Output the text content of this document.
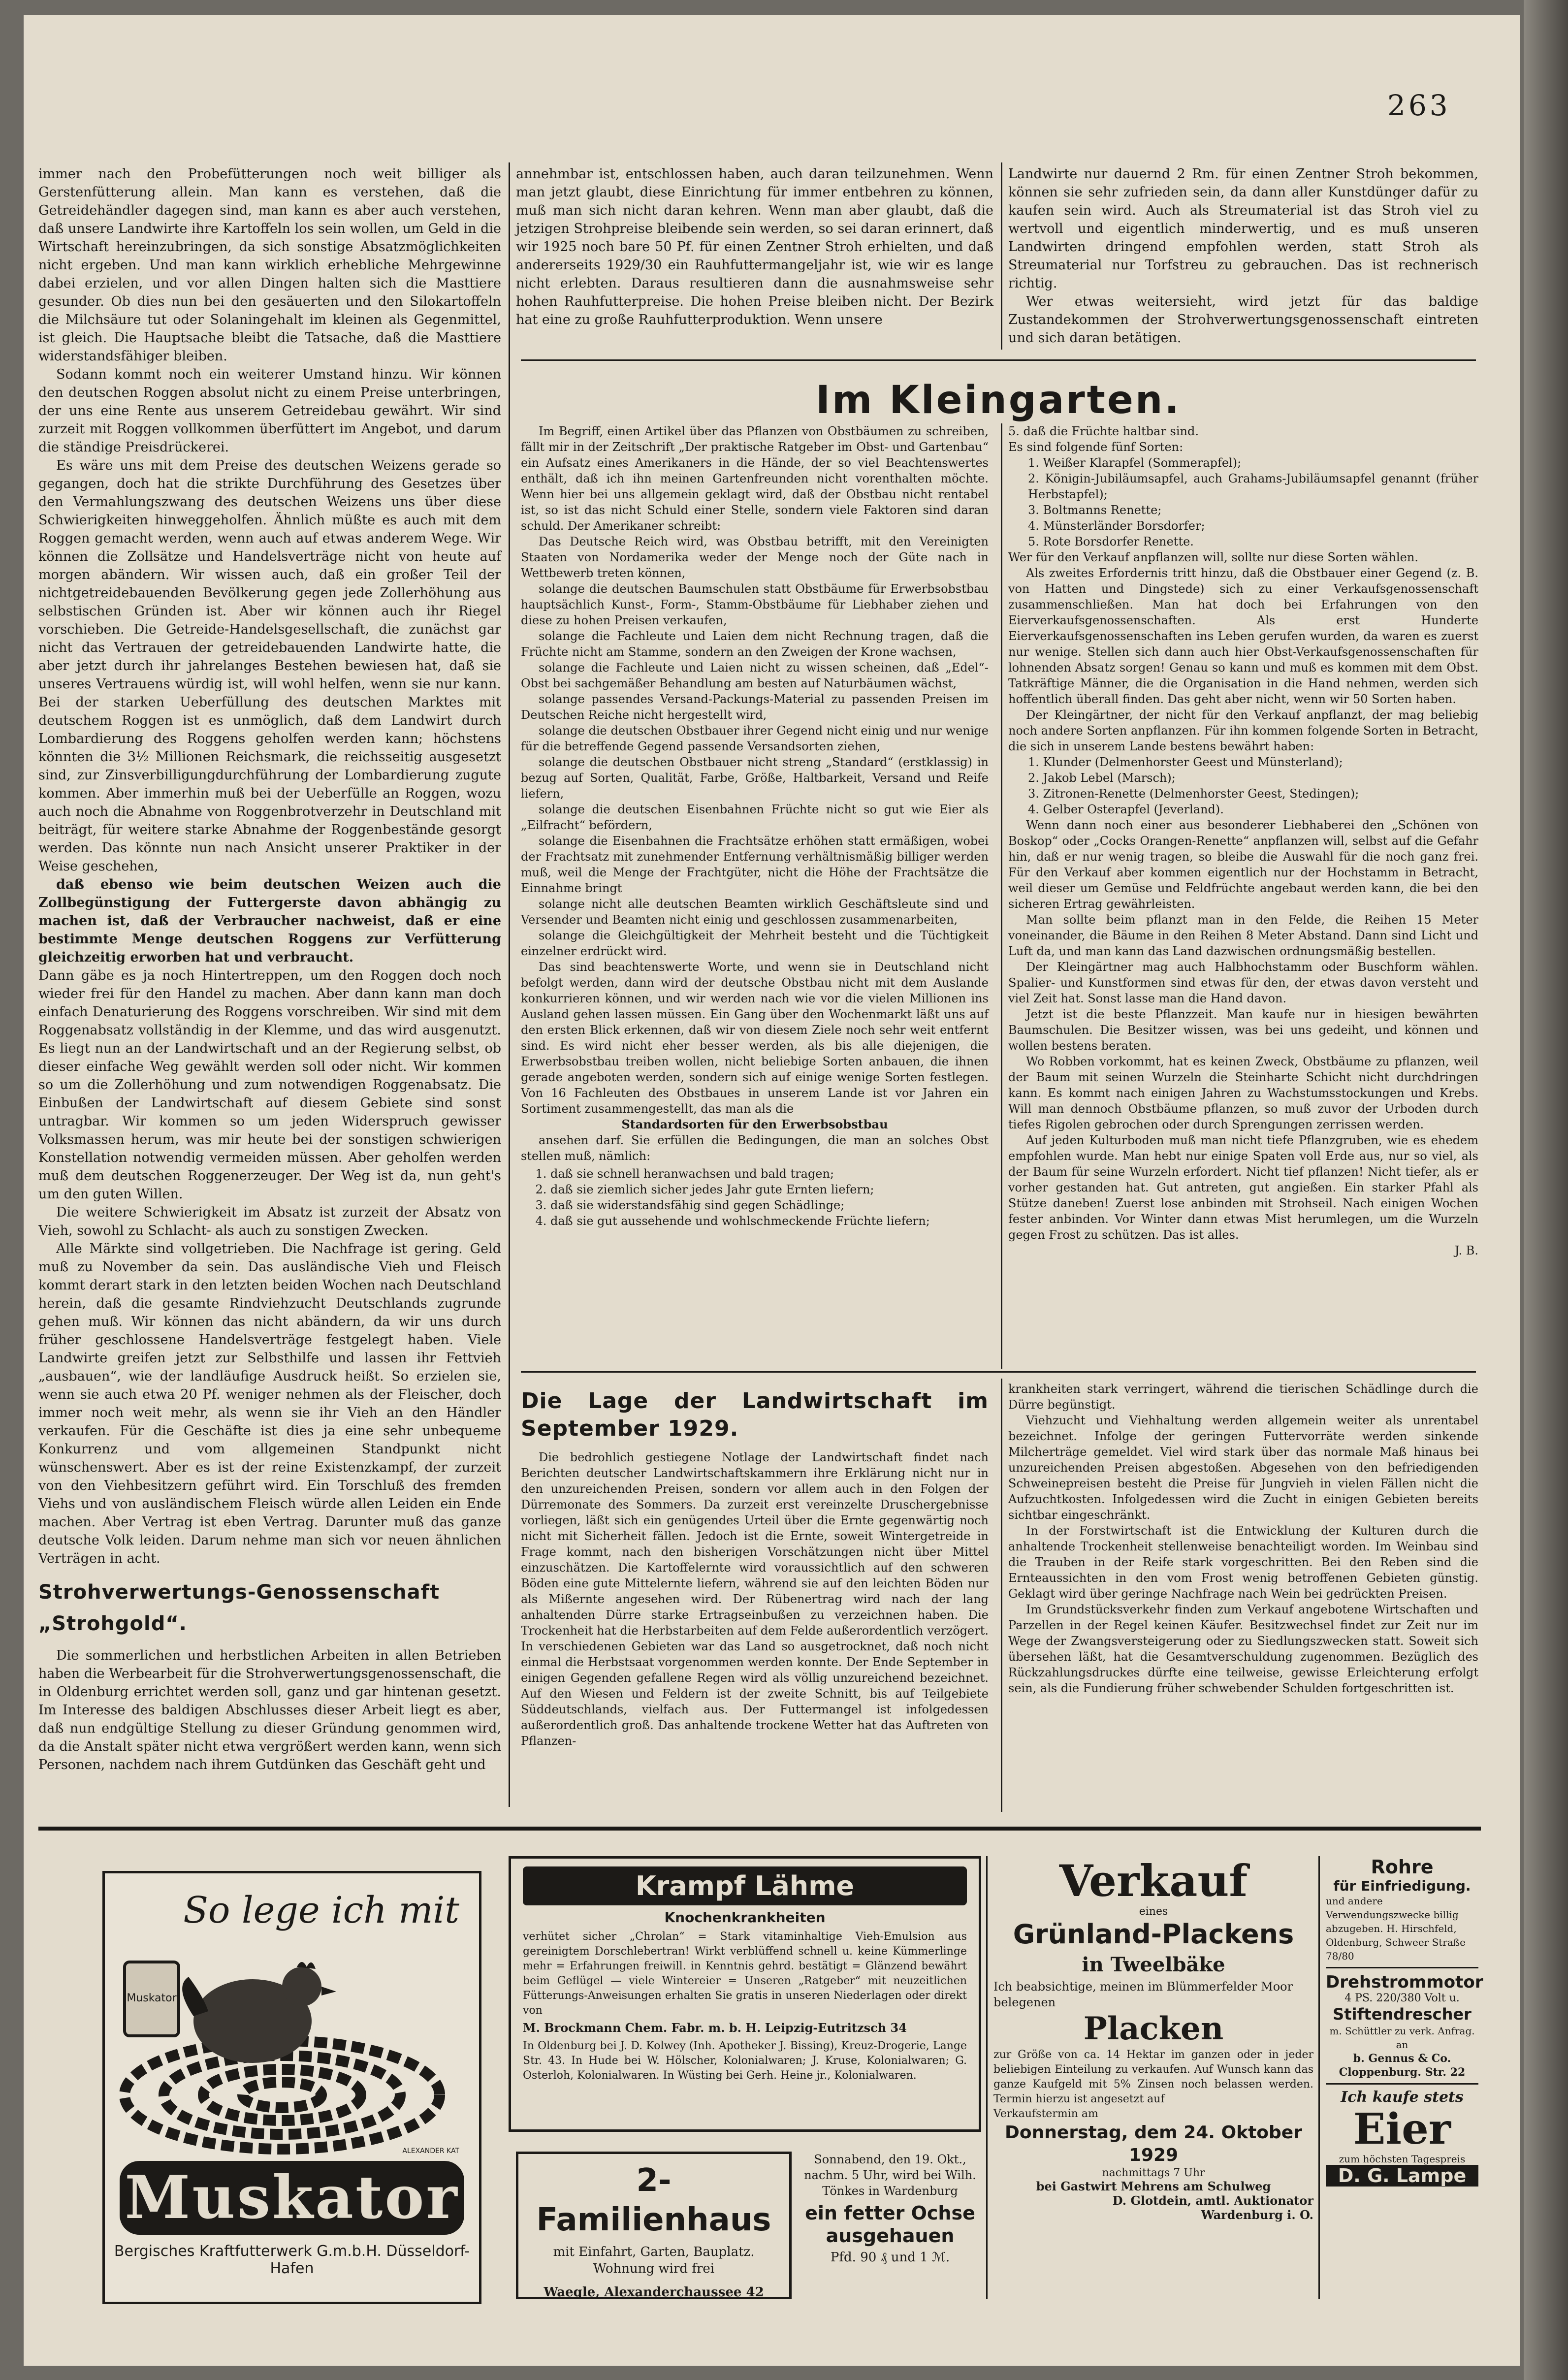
263

immer nach den Probefütterungen noch weit billiger als Gerstenfütterung allein. Man kann es verstehen, daß die Getreidehändler dagegen sind, man kann es aber auch verstehen, daß unsere Landwirte ihre Kartoffeln los sein wollen, um Geld in die Wirtschaft hereinzubringen, da sich sonstige Absatzmöglichkeiten nicht ergeben. Und man kann wirklich erhebliche Mehrgewinne dabei erzielen, und vor allen Dingen halten sich die Masttiere gesunder. Ob dies nun bei den gesäuerten und den Silokartoffeln die Milchsäure tut oder Solaningehalt im kleinen als Gegenmittel, ist gleich. Die Hauptsache bleibt die Tatsache, daß die Masttiere widerstandsfähiger bleiben.

Sodann kommt noch ein weiterer Umstand hinzu. Wir können den deutschen Roggen absolut nicht zu einem Preise unterbringen, der uns eine Rente aus unserem Getreidebau gewährt. Wir sind zurzeit mit Roggen vollkommen überfüttert im Angebot, und darum die ständige Preisdrückerei.

Es wäre uns mit dem Preise des deutschen Weizens gerade so gegangen, doch hat die strikte Durchführung des Gesetzes über den Vermahlungszwang des deutschen Weizens uns über diese Schwierigkeiten hinweggeholfen. Ähnlich müßte es auch mit dem Roggen gemacht werden, wenn auch auf etwas anderem Wege. Wir können die Zollsätze und Handelsverträge nicht von heute auf morgen abändern. Wir wissen auch, daß ein großer Teil der nichtgetreidebauenden Bevölkerung gegen jede Zollerhöhung aus selbstischen Gründen ist. Aber wir können auch ihr Riegel vorschieben. Die Getreide-Handelsgesellschaft, die zunächst gar nicht das Vertrauen der getreidebauenden Landwirte hatte, die aber jetzt durch ihr jahrelanges Bestehen bewiesen hat, daß sie unseres Vertrauens würdig ist, will wohl helfen, wenn sie nur kann. Bei der starken Ueberfüllung des deutschen Marktes mit deutschem Roggen ist es unmöglich, daß dem Landwirt durch Lombardierung des Roggens geholfen werden kann; höchstens könnten die 3½ Millionen Reichsmark, die reichsseitig ausgesetzt sind, zur Zinsverbilligungdurchführung der Lombardierung zugute kommen. Aber immerhin muß bei der Ueberfülle an Roggen, wozu auch noch die Abnahme von Roggenbrotverzehr in Deutschland mit beiträgt, für weitere starke Abnahme der Roggenbestände gesorgt werden. Das könnte nun nach Ansicht unserer Praktiker in der Weise geschehen,

daß ebenso wie beim deutschen Weizen auch die Zollbegünstigung der Futtergerste davon abhängig zu machen ist, daß der Verbraucher nachweist, daß er eine bestimmte Menge deutschen Roggens zur Verfütterung gleichzeitig erworben hat und verbraucht.

Dann gäbe es ja noch Hintertreppen, um den Roggen doch noch wieder frei für den Handel zu machen. Aber dann kann man doch einfach Denaturierung des Roggens vorschreiben. Wir sind mit dem Roggenabsatz vollständig in der Klemme, und das wird ausgenutzt. Es liegt nun an der Landwirtschaft und an der Regierung selbst, ob dieser einfache Weg gewählt werden soll oder nicht. Wir kommen so um die Zollerhöhung und zum notwendigen Roggenabsatz. Die Einbußen der Landwirtschaft auf diesem Gebiete sind sonst untragbar. Wir kommen so um jeden Widerspruch gewisser Volksmassen herum, was mir heute bei der sonstigen schwierigen Konstellation notwendig vermeiden müssen. Aber geholfen werden muß dem deutschen Roggenerzeuger. Der Weg ist da, nun geht's um den guten Willen.

Die weitere Schwierigkeit im Absatz ist zurzeit der Absatz von Vieh, sowohl zu Schlacht- als auch zu sonstigen Zwecken.

Alle Märkte sind vollgetrieben. Die Nachfrage ist gering. Geld muß zu November da sein. Das ausländische Vieh und Fleisch kommt derart stark in den letzten beiden Wochen nach Deutschland herein, daß die gesamte Rindviehzucht Deutschlands zugrunde gehen muß. Wir können das nicht abändern, da wir uns durch früher geschlossene Handelsverträge festgelegt haben. Viele Landwirte greifen jetzt zur Selbsthilfe und lassen ihr Fettvieh „ausbauen“, wie der landläufige Ausdruck heißt. So erzielen sie, wenn sie auch etwa 20 Pf. weniger nehmen als der Fleischer, doch immer noch weit mehr, als wenn sie ihr Vieh an den Händler verkaufen. Für die Geschäfte ist dies ja eine sehr unbequeme Konkurrenz und vom allgemeinen Standpunkt nicht wünschenswert. Aber es ist der reine Existenzkampf, der zurzeit von den Viehbesitzern geführt wird. Ein Torschluß des fremden Viehs und von ausländischem Fleisch würde allen Leiden ein Ende machen. Aber Vertrag ist eben Vertrag. Darunter muß das ganze deutsche Volk leiden. Darum nehme man sich vor neuen ähnlichen Verträgen in acht.

Strohverwertungs-Genossenschaft „Strohgold“.

Die sommerlichen und herbstlichen Arbeiten in allen Betrieben haben die Werbearbeit für die Strohverwertungsgenossenschaft, die in Oldenburg errichtet werden soll, ganz und gar hintenan gesetzt. Im Interesse des baldigen Abschlusses dieser Arbeit liegt es aber, daß nun endgültige Stellung zu dieser Gründung genommen wird, da die Anstalt später nicht etwa vergrößert werden kann, wenn sich Personen, nachdem nach ihrem Gutdünken das Geschäft geht und

annehmbar ist, entschlossen haben, auch daran teilzunehmen. Wenn man jetzt glaubt, diese Einrichtung für immer entbehren zu können, muß man sich nicht daran kehren. Wenn man aber glaubt, daß die jetzigen Strohpreise bleibende sein werden, so sei daran erinnert, daß wir 1925 noch bare 50 Pf. für einen Zentner Stroh erhielten, und daß andererseits 1929/30 ein Rauhfuttermangeljahr ist, wie wir es lange nicht erlebten. Daraus resultieren dann die ausnahmsweise sehr hohen Rauhfutterpreise. Die hohen Preise bleiben nicht. Der Bezirk hat eine zu große Rauhfutterproduktion. Wenn unsere

Landwirte nur dauernd 2 Rm. für einen Zentner Stroh bekommen, können sie sehr zufrieden sein, da dann aller Kunstdünger dafür zu kaufen sein wird. Auch als Streumaterial ist das Stroh viel zu wertvoll und eigentlich minderwertig, und es muß unseren Landwirten dringend empfohlen werden, statt Stroh als Streumaterial nur Torfstreu zu gebrauchen. Das ist rechnerisch richtig.

Wer etwas weitersieht, wird jetzt für das baldige Zustandekommen der Strohverwertungsgenossenschaft eintreten und sich daran betätigen.

Im Kleingarten.

Im Begriff, einen Artikel über das Pflanzen von Obstbäumen zu schreiben, fällt mir in der Zeitschrift „Der praktische Ratgeber im Obst- und Gartenbau“ ein Aufsatz eines Amerikaners in die Hände, der so viel Beachtenswertes enthält, daß ich ihn meinen Gartenfreunden nicht vorenthalten möchte. Wenn hier bei uns allgemein geklagt wird, daß der Obstbau nicht rentabel ist, so ist das nicht Schuld einer Stelle, sondern viele Faktoren sind daran schuld. Der Amerikaner schreibt:

Das Deutsche Reich wird, was Obstbau betrifft, mit den Vereinigten Staaten von Nordamerika weder der Menge noch der Güte nach in Wettbewerb treten können,

solange die deutschen Baumschulen statt Obstbäume für Erwerbsobstbau hauptsächlich Kunst-, Form-, Stamm-Obstbäume für Liebhaber ziehen und diese zu hohen Preisen verkaufen,

solange die Fachleute und Laien dem nicht Rechnung tragen, daß die Früchte nicht am Stamme, sondern an den Zweigen der Krone wachsen,

solange die Fachleute und Laien nicht zu wissen scheinen, daß „Edel“-Obst bei sachgemäßer Behandlung am besten auf Naturbäumen wächst,

solange passendes Versand-Packungs-Material zu passenden Preisen im Deutschen Reiche nicht hergestellt wird,

solange die deutschen Obstbauer ihrer Gegend nicht einig und nur wenige für die betreffende Gegend passende Versandsorten ziehen,

solange die deutschen Obstbauer nicht streng „Standard“ (erstklassig) in bezug auf Sorten, Qualität, Farbe, Größe, Haltbarkeit, Versand und Reife liefern,

solange die deutschen Eisenbahnen Früchte nicht so gut wie Eier als „Eilfracht“ befördern,

solange die Eisenbahnen die Frachtsätze erhöhen statt ermäßigen, wobei der Frachtsatz mit zunehmender Entfernung verhältnismäßig billiger werden muß, weil die Menge der Frachtgüter, nicht die Höhe der Frachtsätze die Einnahme bringt

solange nicht alle deutschen Beamten wirklich Geschäftsleute sind und Versender und Beamten nicht einig und geschlossen zusammenarbeiten,

solange die Gleichgültigkeit der Mehrheit besteht und die Tüchtigkeit einzelner erdrückt wird.

Das sind beachtenswerte Worte, und wenn sie in Deutschland nicht befolgt werden, dann wird der deutsche Obstbau nicht mit dem Auslande konkurrieren können, und wir werden nach wie vor die vielen Millionen ins Ausland gehen lassen müssen. Ein Gang über den Wochenmarkt läßt uns auf den ersten Blick erkennen, daß wir von diesem Ziele noch sehr weit entfernt sind. Es wird nicht eher besser werden, als bis alle diejenigen, die Erwerbsobstbau treiben wollen, nicht beliebige Sorten anbauen, die ihnen gerade angeboten werden, sondern sich auf einige wenige Sorten festlegen. Von 16 Fachleuten des Obstbaues in unserem Lande ist vor Jahren ein Sortiment zusammengestellt, das man als die

Standardsorten für den Erwerbsobstbau

ansehen darf. Sie erfüllen die Bedingungen, die man an solches Obst stellen muß, nämlich:

1. daß sie schnell heranwachsen und bald tragen;
2. daß sie ziemlich sicher jedes Jahr gute Ernten liefern;
3. daß sie widerstandsfähig sind gegen Schädlinge;
4. daß sie gut aussehende und wohlschmeckende Früchte liefern;

5. daß die Früchte haltbar sind.

Es sind folgende fünf Sorten:

1. Weißer Klarapfel (Sommerapfel);

2. Königin-Jubiläumsapfel, auch Grahams-Jubiläumsapfel genannt (früher Herbstapfel);

3. Boltmanns Renette;

4. Münsterländer Borsdorfer;

5. Rote Borsdorfer Renette.

Wer für den Verkauf anpflanzen will, sollte nur diese Sorten wählen.

Als zweites Erfordernis tritt hinzu, daß die Obstbauer einer Gegend (z. B. von Hatten und Dingstede) sich zu einer Verkaufsgenossenschaft zusammenschließen. Man hat doch bei Erfahrungen von den Eierverkaufsgenossenschaften. Als erst Hunderte Eierverkaufsgenossenschaften ins Leben gerufen wurden, da waren es zuerst nur wenige. Stellen sich dann auch hier Obst-Verkaufsgenossenschaften für lohnenden Absatz sorgen! Genau so kann und muß es kommen mit dem Obst. Tatkräftige Männer, die die Organisation in die Hand nehmen, werden sich hoffentlich überall finden. Das geht aber nicht, wenn wir 50 Sorten haben.

Der Kleingärtner, der nicht für den Verkauf anpflanzt, der mag beliebig noch andere Sorten anpflanzen. Für ihn kommen folgende Sorten in Betracht, die sich in unserem Lande bestens bewährt haben:

1. Klunder (Delmenhorster Geest und Münsterland);

2. Jakob Lebel (Marsch);

3. Zitronen-Renette (Delmenhorster Geest, Stedingen);

4. Gelber Osterapfel (Jeverland).

Wenn dann noch einer aus besonderer Liebhaberei den „Schönen von Boskop“ oder „Cocks Orangen-Renette“ anpflanzen will, selbst auf die Gefahr hin, daß er nur wenig tragen, so bleibe die Auswahl für die noch ganz frei. Für den Verkauf aber kommen eigentlich nur der Hochstamm in Betracht, weil dieser um Gemüse und Feldfrüchte angebaut werden kann, die bei den sicheren Ertrag gewährleisten.

Man sollte beim pflanzt man in den Felde, die Reihen 15 Meter voneinander, die Bäume in den Reihen 8 Meter Abstand. Dann sind Licht und Luft da, und man kann das Land dazwischen ordnungsmäßig bestellen.

Der Kleingärtner mag auch Halbhochstamm oder Buschform wählen. Spalier- und Kunstformen sind etwas für den, der etwas davon versteht und viel Zeit hat. Sonst lasse man die Hand davon.

Jetzt ist die beste Pflanzzeit. Man kaufe nur in hiesigen bewährten Baumschulen. Die Besitzer wissen, was bei uns gedeiht, und können und wollen bestens beraten.

Wo Robben vorkommt, hat es keinen Zweck, Obstbäume zu pflanzen, weil der Baum mit seinen Wurzeln die Steinharte Schicht nicht durchdringen kann. Es kommt nach einigen Jahren zu Wachstumsstockungen und Krebs. Will man dennoch Obstbäume pflanzen, so muß zuvor der Urboden durch tiefes Rigolen gebrochen oder durch Sprengungen zerrissen werden.

Auf jeden Kulturboden muß man nicht tiefe Pflanzgruben, wie es ehedem empfohlen wurde. Man hebt nur einige Spaten voll Erde aus, nur so viel, als der Baum für seine Wurzeln erfordert. Nicht tief pflanzen! Nicht tiefer, als er vorher gestanden hat. Gut antreten, gut angießen. Ein starker Pfahl als Stütze daneben! Zuerst lose anbinden mit Strohseil. Nach einigen Wochen fester anbinden. Vor Winter dann etwas Mist herumlegen, um die Wurzeln gegen Frost zu schützen. Das ist alles.

J. B.

Die Lage der Landwirtschaft im September 1929.

Die bedrohlich gestiegene Notlage der Landwirtschaft findet nach Berichten deutscher Landwirtschaftskammern ihre Erklärung nicht nur in den unzureichenden Preisen, sondern vor allem auch in den Folgen der Dürremonate des Sommers. Da zurzeit erst vereinzelte Druschergebnisse vorliegen, läßt sich ein genügendes Urteil über die Ernte gegenwärtig noch nicht mit Sicherheit fällen. Jedoch ist die Ernte, soweit Wintergetreide in Frage kommt, nach den bisherigen Vorschätzungen nicht über Mittel einzuschätzen. Die Kartoffelernte wird voraussichtlich auf den schweren Böden eine gute Mittelernte liefern, während sie auf den leichten Böden nur als Mißernte angesehen wird. Der Rübenertrag wird nach der lang anhaltenden Dürre starke Ertragseinbußen zu verzeichnen haben. Die Trockenheit hat die Herbstarbeiten auf dem Felde außerordentlich verzögert. In verschiedenen Gebieten war das Land so ausgetrocknet, daß noch nicht einmal die Herbstsaat vorgenommen werden konnte. Der Ende September in einigen Gegenden gefallene Regen wird als völlig unzureichend bezeichnet. Auf den Wiesen und Feldern ist der zweite Schnitt, bis auf Teilgebiete Süddeutschlands, vielfach aus. Der Futtermangel ist infolgedessen außerordentlich groß. Das anhaltende trockene Wetter hat das Auftreten von Pflanzen-

krankheiten stark verringert, während die tierischen Schädlinge durch die Dürre begünstigt.

Viehzucht und Viehhaltung werden allgemein weiter als unrentabel bezeichnet. Infolge der geringen Futtervorräte werden sinkende Milcherträge gemeldet. Viel wird stark über das normale Maß hinaus bei unzureichenden Preisen abgestoßen. Abgesehen von den befriedigenden Schweinepreisen besteht die Preise für Jungvieh in vielen Fällen nicht die Aufzuchtkosten. Infolgedessen wird die Zucht in einigen Gebieten bereits sichtbar eingeschränkt.

In der Forstwirtschaft ist die Entwicklung der Kulturen durch die anhaltende Trockenheit stellenweise benachteiligt worden. Im Weinbau sind die Trauben in der Reife stark vorgeschritten. Bei den Reben sind die Ernteaussichten in den vom Frost wenig betroffenen Gebieten günstig. Geklagt wird über geringe Nachfrage nach Wein bei gedrückten Preisen.

Im Grundstücksverkehr finden zum Verkauf angebotene Wirtschaften und Parzellen in der Regel keinen Käufer. Besitzwechsel findet zur Zeit nur im Wege der Zwangsversteigerung oder zu Siedlungszwecken statt. Soweit sich übersehen läßt, hat die Gesamtverschuldung zugenommen. Bezüglich des Rückzahlungsdruckes dürfte eine teilweise, gewisse Erleichterung erfolgt sein, als die Fundierung früher schwebender Schulden fortgeschritten ist.

So lege ich mit
Muskator
ALEXANDER KAT
Muskator
Bergisches Kraftfutterwerk G.m.b.H. Düsseldorf-Hafen
Krampf Lähme
Knochenkrankheiten
verhütet sicher „Chrolan“ = Stark vitaminhaltige Vieh-Emulsion aus gereinigtem Dorschlebertran! Wirkt verblüffend schnell u. keine Kümmerlinge mehr = Erfahrungen freiwill. in Kenntnis gehrd. bestätigt = Glänzend bewährt beim Geflügel — viele Wintereier = Unseren „Ratgeber“ mit neuzeitlichen Fütterungs-Anweisungen erhalten Sie gratis in unseren Niederlagen oder direkt von
M. Brockmann Chem. Fabr. m. b. H. Leipzig-Eutritzsch 34
In Oldenburg bei J. D. Kolwey (Inh. Apotheker J. Bissing), Kreuz-Drogerie, Lange Str. 43. In Hude bei W. Hölscher, Kolonialwaren; J. Kruse, Kolonialwaren; G. Osterloh, Kolonialwaren. In Wüsting bei Gerh. Heine jr., Kolonialwaren.
2-Familienhaus
mit Einfahrt, Garten, Bauplatz. Wohnung wird frei
Waegle, Alexanderchaussee 42
Sonnabend, den 19. Okt., nachm. 5 Uhr, wird bei Wilh. Tönkes in Wardenburg
ein fetter Ochse ausgehauen
Pfd. 90 ₰ und 1 ℳ.
Verkauf
eines
Grünland-Plackens
in Tweelbäke
Ich beabsichtige, meinen im Blümmerfelder Moor belegenen
Placken
zur Größe von ca. 14 Hektar im ganzen oder in jeder beliebigen Einteilung zu verkaufen. Auf Wunsch kann das ganze Kaufgeld mit 5% Zinsen noch belassen werden. Termin hierzu ist angesetzt auf
Verkaufstermin am
Donnerstag, dem 24. Oktober 1929
nachmittags 7 Uhr
bei Gastwirt Mehrens am Schulweg
D. Glotdein, amtl. Auktionator
Wardenburg i. O.
Rohre
für Einfriedigung.
und andere Verwendungszwecke billig abzugeben. H. Hirschfeld, Oldenburg, Schweer Straße 78/80
Drehstrommotor
4 PS. 220/380 Volt u.
Stiftendrescher
m. Schüttler zu verk. Anfrag. an
b. Gennus & Co. Cloppenburg. Str. 22
Ich kaufe stets
Eier
zum höchsten Tagespreis
D. G. Lampe
